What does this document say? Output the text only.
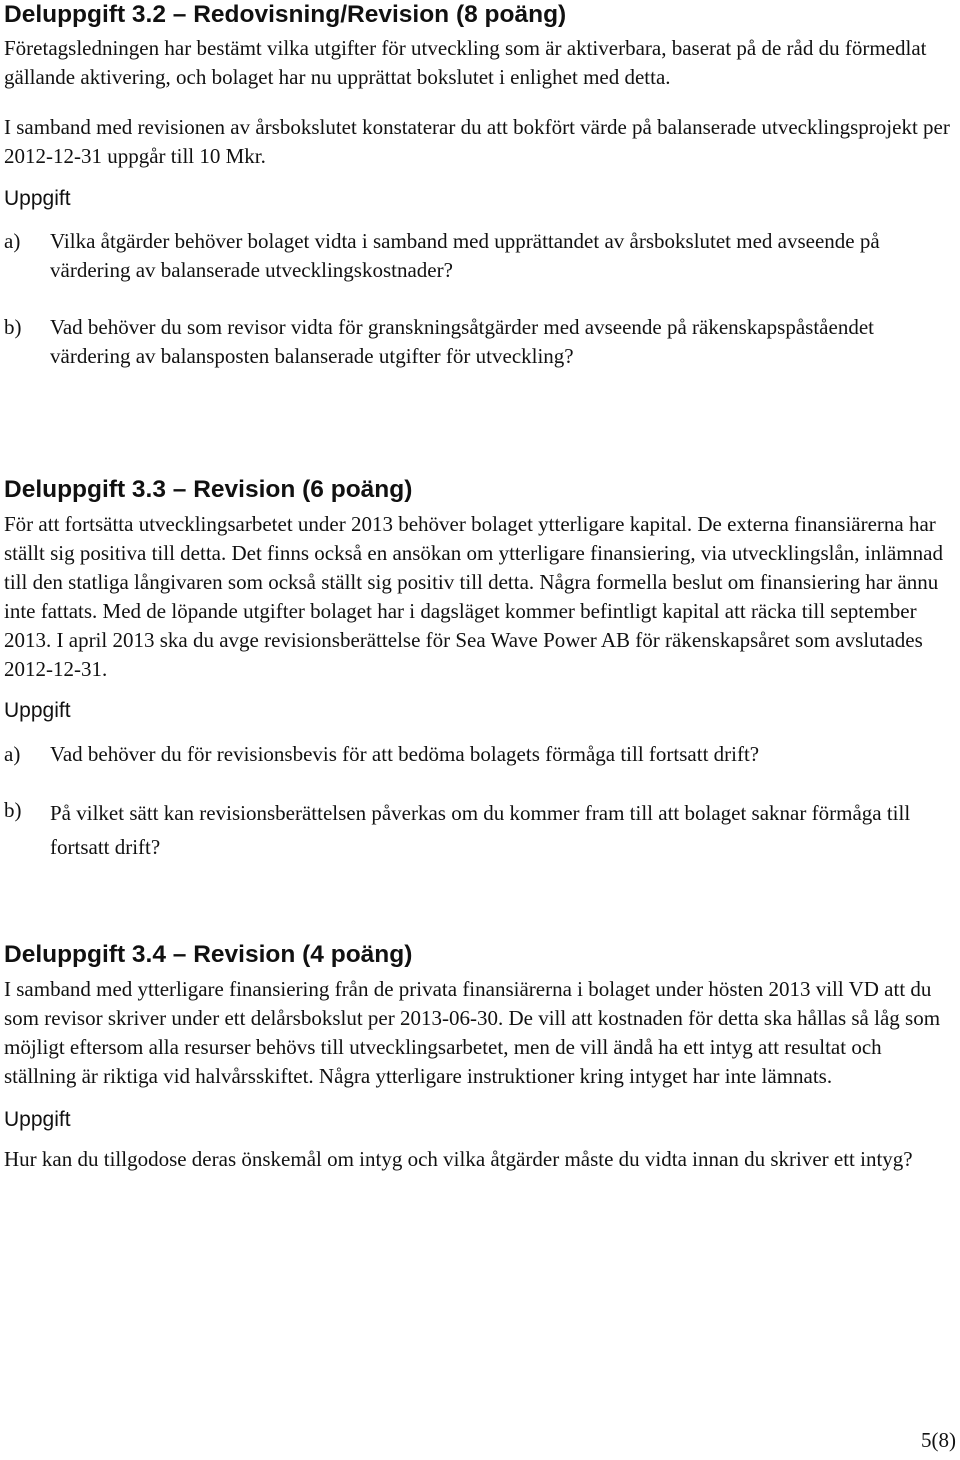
Deluppgift 3.2 – Redovisning/Revision (8 poäng)

Företagsledningen har bestämt vilka utgifter för utveckling som är aktiverbara, baserat på de råd du förmedlat gällande aktivering, och bolaget har nu upprättat bokslutet i enlighet med detta.

I samband med revisionen av årsbokslutet konstaterar du att bokfört värde på balanserade utvecklingsprojekt per 2012-12-31 uppgår till 10 Mkr.

Uppgift
a)	Vilka åtgärder behöver bolaget vidta i samband med upprättandet av årsbokslutet med avseende på värdering av balanserade utvecklingskostnader?

b)	Vad behöver du som revisor vidta för granskningsåtgärder med avseende på räkenskapspåståendet värdering av balansposten balanserade utgifter för utveckling?

Deluppgift 3.3 – Revision (6 poäng)

För att fortsätta utvecklingsarbetet under 2013 behöver bolaget ytterligare kapital. De externa finansiärerna har ställt sig positiva till detta. Det finns också en ansökan om ytterligare finansiering, via utvecklingslån, inlämnad till den statliga långivaren som också ställt sig positiv till detta. Några formella beslut om finansiering har ännu inte fattats. Med de löpande utgifter bolaget har i dagsläget kommer befintligt kapital att räcka till september 2013. I april 2013 ska du avge revisionsberättelse för Sea Wave Power AB för räkenskapsåret som avslutades 2012-12-31.

Uppgift
a)	Vad behöver du för revisionsbevis för att bedöma bolagets förmåga till fortsatt drift?

b)	På vilket sätt kan revisionsberättelsen påverkas om du kommer fram till att bolaget saknar förmåga till fortsatt drift?

Deluppgift 3.4 – Revision (4 poäng)

I samband med ytterligare finansiering från de privata finansiärerna i bolaget under hösten 2013 vill VD att du som revisor skriver under ett delårsbokslut per 2013-06-30. De vill att kostnaden för detta ska hållas så låg som möjligt eftersom alla resurser behövs till utvecklingsarbetet, men de vill ändå ha ett intyg att resultat och ställning är riktiga vid halvårsskiftet. Några ytterligare instruktioner kring intyget har inte lämnats.

Uppgift

Hur kan du tillgodose deras önskemål om intyg och vilka åtgärder måste du vidta innan du skriver ett intyg?

5(8)
